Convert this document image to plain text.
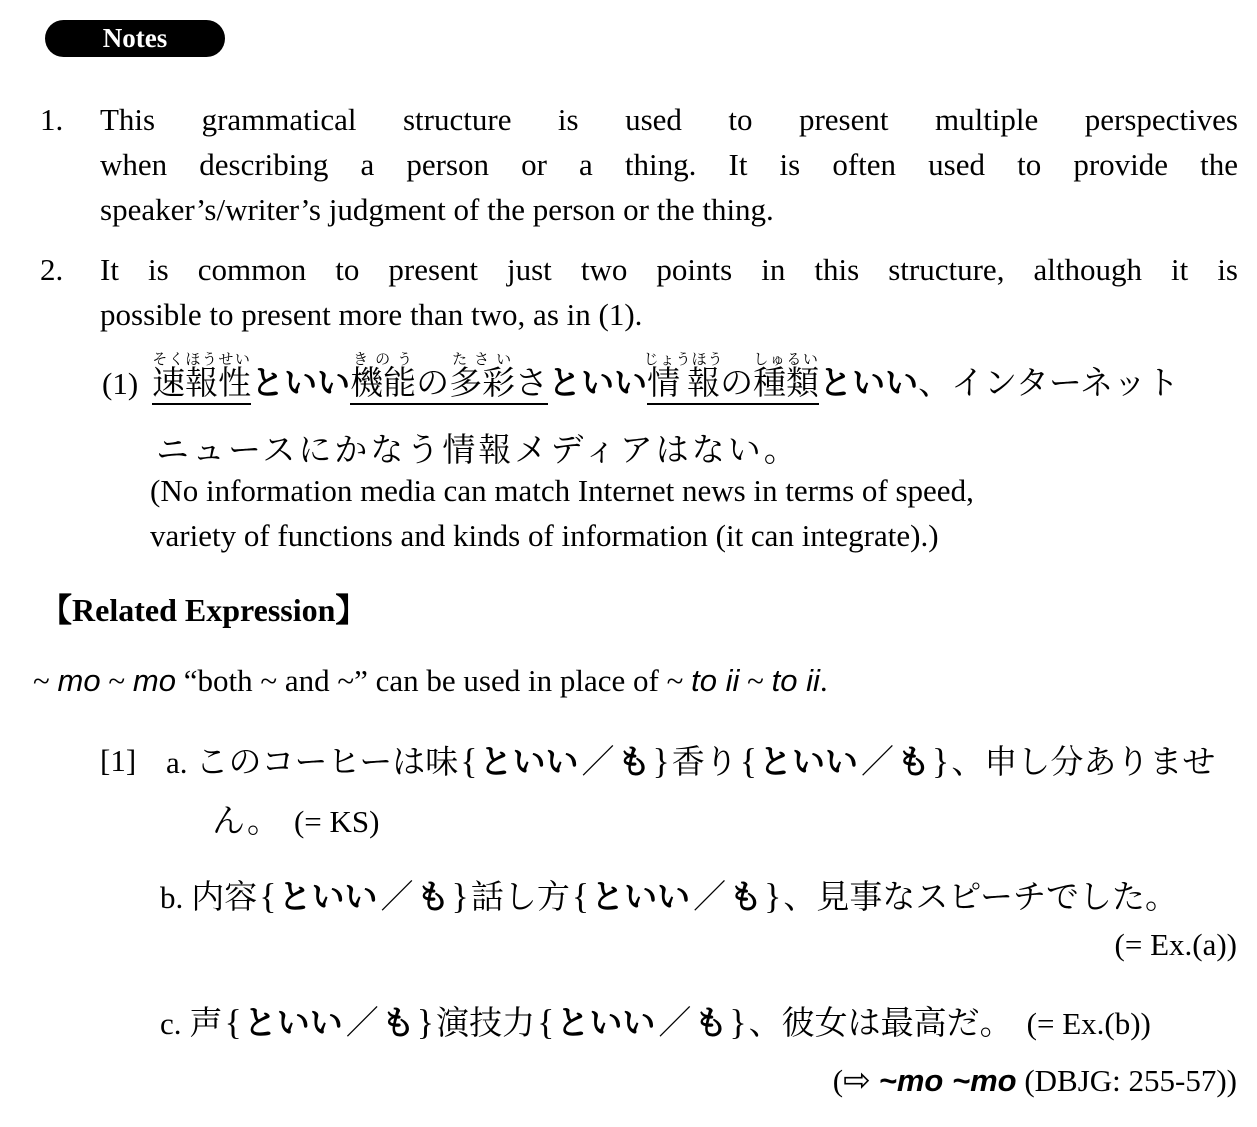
Notes
1.	This grammatical structure is used to present multiple perspectives
when describing a person or a thing. It is often used to provide the
speaker’s/writer’s judgment of the person or the thing.
2.	It is common to present just two points in this structure, although it is
possible to present more than two, as in (1).
(1) 速報性そくほうせいといい機能きのうの多彩たさいさといい情報じょうほうの種類しゅるいといい、インターネット
ニュースにかなう情報メディアはない。
(No information media can match Internet news in terms of speed,
variety of functions and kinds of information (it can integrate).)
【Related Expression】
~ mo ~ mo “both ~ and ~” can be used in place of ~ to ii ~ to ii.
[1] a. このコーヒーは味{といい／も}香り{といい／も}、申し分ありませ
ん。 (= KS)
b. 内容{といい／も}話し方{といい／も}、見事なスピーチでした。
(= Ex.(a))
c. 声{といい／も}演技力{といい／も}、彼女は最高だ。 (= Ex.(b))
(⇨ ~mo ~mo (DBJG: 255-57))
